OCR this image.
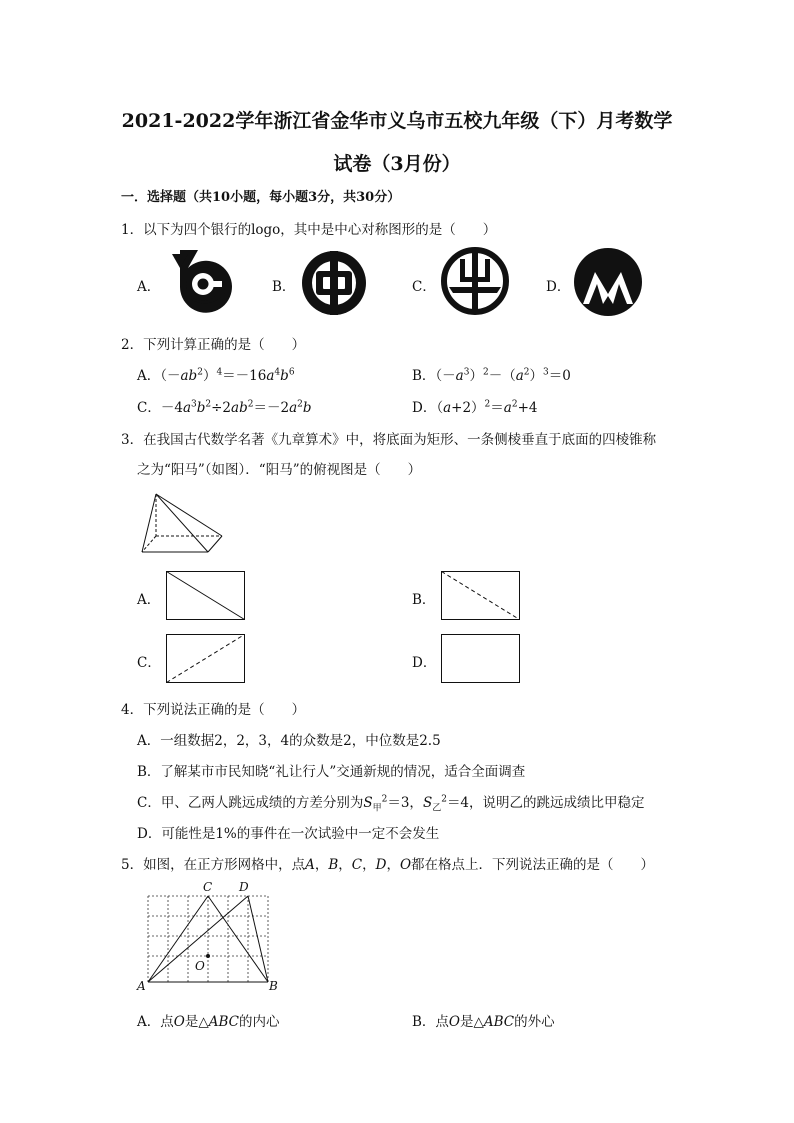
2021-2022学年浙江省金华市义乌市五校九年级（下）月考数学
试卷（3月份）
一．选择题（共10小题，每小题3分，共30分）
1．以下为四个银行的logo，其中是中心对称图形的是（　　）
A．	B．	C．	D．
2．下列计算正确的是（　　）
A．$(-ab^2)^4=-16a^4b^6$	B．$(-a^3)^2-(a^2)^3=0$
C．$-4a^3b^2\div 2ab^2=-2a^2b$	D．$(a+2)^2=a^2+4$
3．在我国古代数学名著《九章算术》中，将底面为矩形、一条侧棱垂直于底面的四棱锥称
之为“阳马”（如图）．“阳马”的俯视图是（　　）
A．	B．
C．	D．
4．下列说法正确的是（　　）
A．一组数据2，2，3，4的众数是2，中位数是2.5
B．了解某市市民知晓“礼让行人”交通新规的情况，适合全面调查
C．甲、乙两人跳远成绩的方差分别为$S_甲^2=3$，$S_乙^2=4$，说明乙的跳远成绩比甲稳定
D．可能性是1%的事件在一次试验中一定不会发生
5．如图，在正方形网格中，点A，B，C，D，O都在格点上．下列说法正确的是（　　）
C D
O
A	B
A．点O是△ABC的内心	B．点O是△ABC的外心
